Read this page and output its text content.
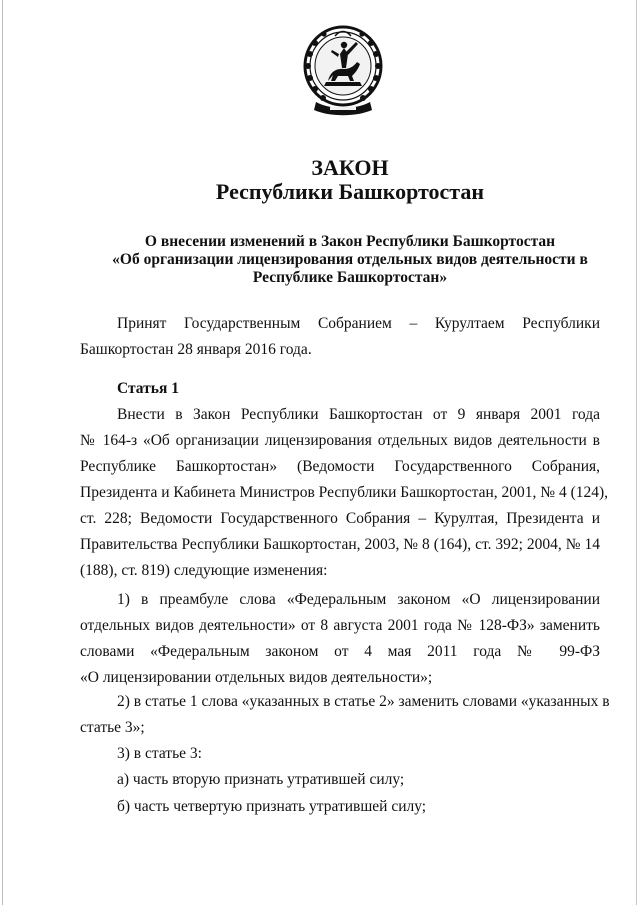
ЗАКОН
Республики Башкортостан
О внесении изменений в Закон Республики Башкортостан
«Об организации лицензирования отдельных видов деятельности в
Республике Башкортостан»
Принят Государственным Собранием – Курултаем Республики
Башкортостан 28 января 2016 года.
Статья 1
Внести в Закон Республики Башкортостан от 9 января 2001 года
№ 164-з «Об организации лицензирования отдельных видов деятельности в
Республике Башкортостан» (Ведомости Государственного Собрания,
Президента и Кабинета Министров Республики Башкортостан, 2001, № 4 (124),
ст. 228; Ведомости Государственного Собрания – Курултая, Президента и
Правительства Республики Башкортостан, 2003, № 8 (164), ст. 392; 2004, № 14
(188), ст. 819) следующие изменения:
1) в преамбуле слова «Федеральным законом «О лицензировании
отдельных видов деятельности» от 8 августа 2001 года № 128-ФЗ» заменить
словами «Федеральным законом от 4 мая 2011 года № 99-ФЗ
«О лицензировании отдельных видов деятельности»;
2) в статье 1 слова «указанных в статье 2» заменить словами «указанных в
статье 3»;
3) в статье 3:
а) часть вторую признать утратившей силу;
б) часть четвертую признать утратившей силу;
